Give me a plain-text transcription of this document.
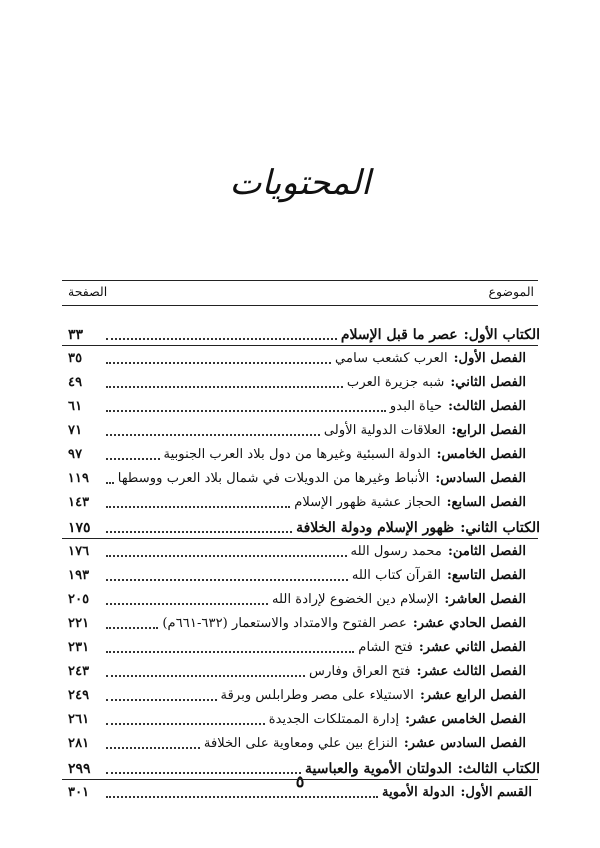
المحتويات
الموضوع
الصفحة
الكتاب الأول:
عصر ما قبل الإسلام
٣٣
الفصل الأول:
العرب كشعب سامي
٣٥
الفصل الثاني:
شبه جزيرة العرب
٤٩
الفصل الثالث:
حياة البدو
٦١
الفصل الرابع:
العلاقات الدولية الأولى
٧١
الفصل الخامس:
الدولة السبئية وغيرها من دول بلاد العرب الجنوبية
٩٧
الفصل السادس:
الأنباط وغيرها من الدويلات في شمال بلاد العرب ووسطها
١١٩
الفصل السابع:
الحجاز عشية ظهور الإسلام
١٤٣
الكتاب الثاني:
ظهور الإسلام ودولة الخلافة
١٧٥
الفصل الثامن:
محمد رسول الله
١٧٦
الفصل التاسع:
القرآن كتاب الله
١٩٣
الفصل العاشر:
الإسلام دين الخضوع لإرادة الله
٢٠٥
الفصل الحادي عشر:
عصر الفتوح والامتداد والاستعمار (٦٣٢-٦٦١م)
٢٢١
الفصل الثاني عشر:
فتح الشام
٢٣١
الفصل الثالث عشر:
فتح العراق وفارس
٢٤٣
الفصل الرابع عشر:
الاستيلاء على مصر وطرابلس وبرقة
٢٤٩
الفصل الخامس عشر:
إدارة الممتلكات الجديدة
٢٦١
الفصل السادس عشر:
النزاع بين علي ومعاوية على الخلافة
٢٨١
الكتاب الثالث:
الدولتان الأموية والعباسية
٢٩٩
القسم الأول:
الدولة الأموية
٣٠١
٥
